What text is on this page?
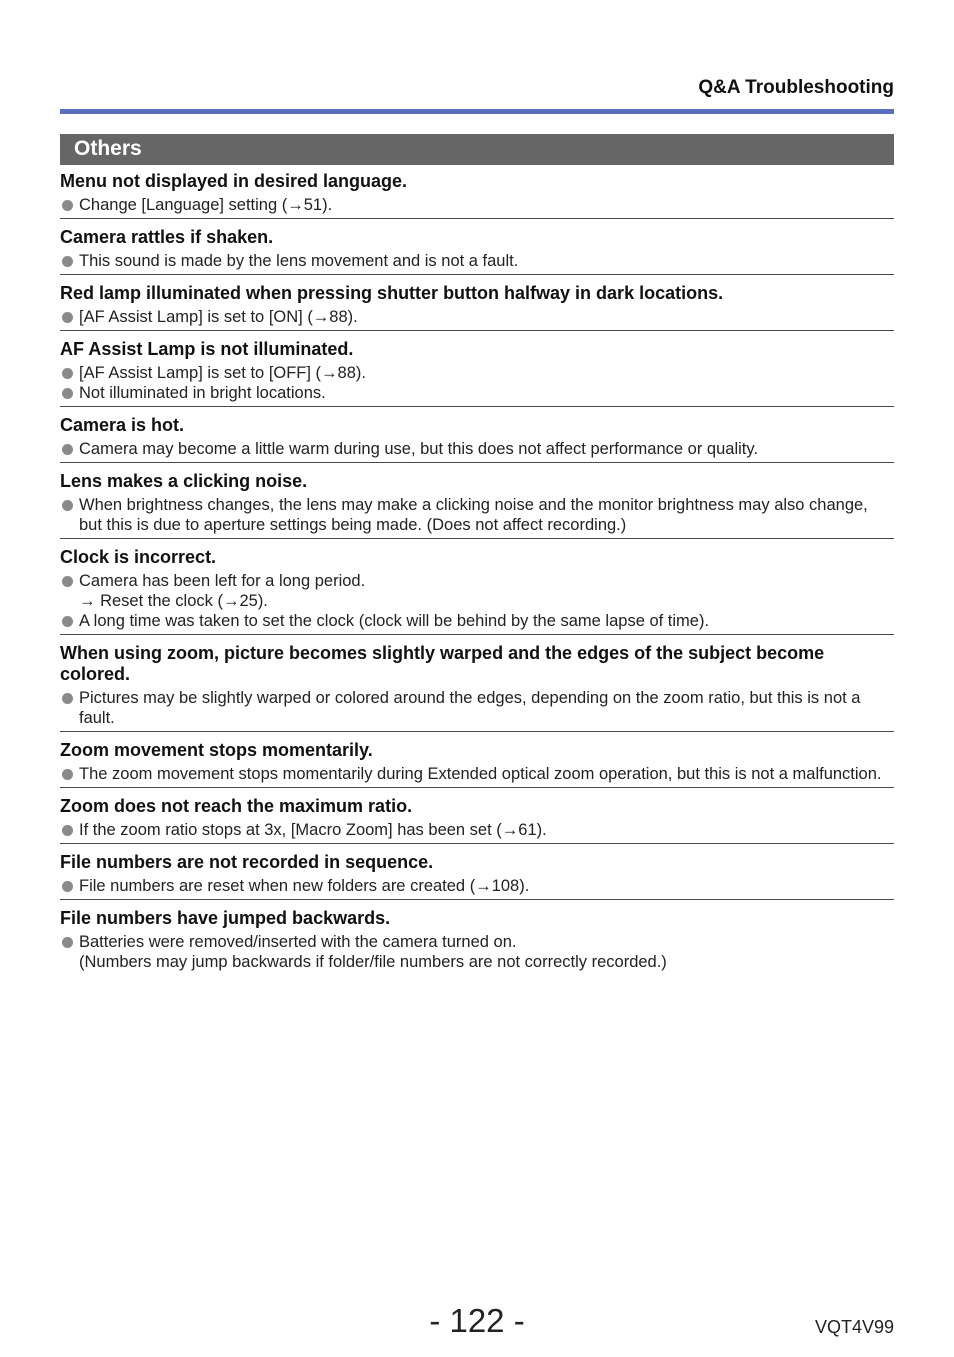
Q&A Troubleshooting
Others
Menu not displayed in desired language.
Change [Language] setting (→51).
Camera rattles if shaken.
This sound is made by the lens movement and is not a fault.
Red lamp illuminated when pressing shutter button halfway in dark locations.
[AF Assist Lamp] is set to [ON] (→88).
AF Assist Lamp is not illuminated.
[AF Assist Lamp] is set to [OFF] (→88).
Not illuminated in bright locations.
Camera is hot.
Camera may become a little warm during use, but this does not affect performance or quality.
Lens makes a clicking noise.
When brightness changes, the lens may make a clicking noise and the monitor brightness may also change, but this is due to aperture settings being made. (Does not affect recording.)
Clock is incorrect.
Camera has been left for a long period.
→ Reset the clock (→25).
A long time was taken to set the clock (clock will be behind by the same lapse of time).
When using zoom, picture becomes slightly warped and the edges of the subject become colored.
Pictures may be slightly warped or colored around the edges, depending on the zoom ratio, but this is not a fault.
Zoom movement stops momentarily.
The zoom movement stops momentarily during Extended optical zoom operation, but this is not a malfunction.
Zoom does not reach the maximum ratio.
If the zoom ratio stops at 3x, [Macro Zoom] has been set (→61).
File numbers are not recorded in sequence.
File numbers are reset when new folders are created (→108).
File numbers have jumped backwards.
Batteries were removed/inserted with the camera turned on.
(Numbers may jump backwards if folder/file numbers are not correctly recorded.)
- 122 -	VQT4V99
